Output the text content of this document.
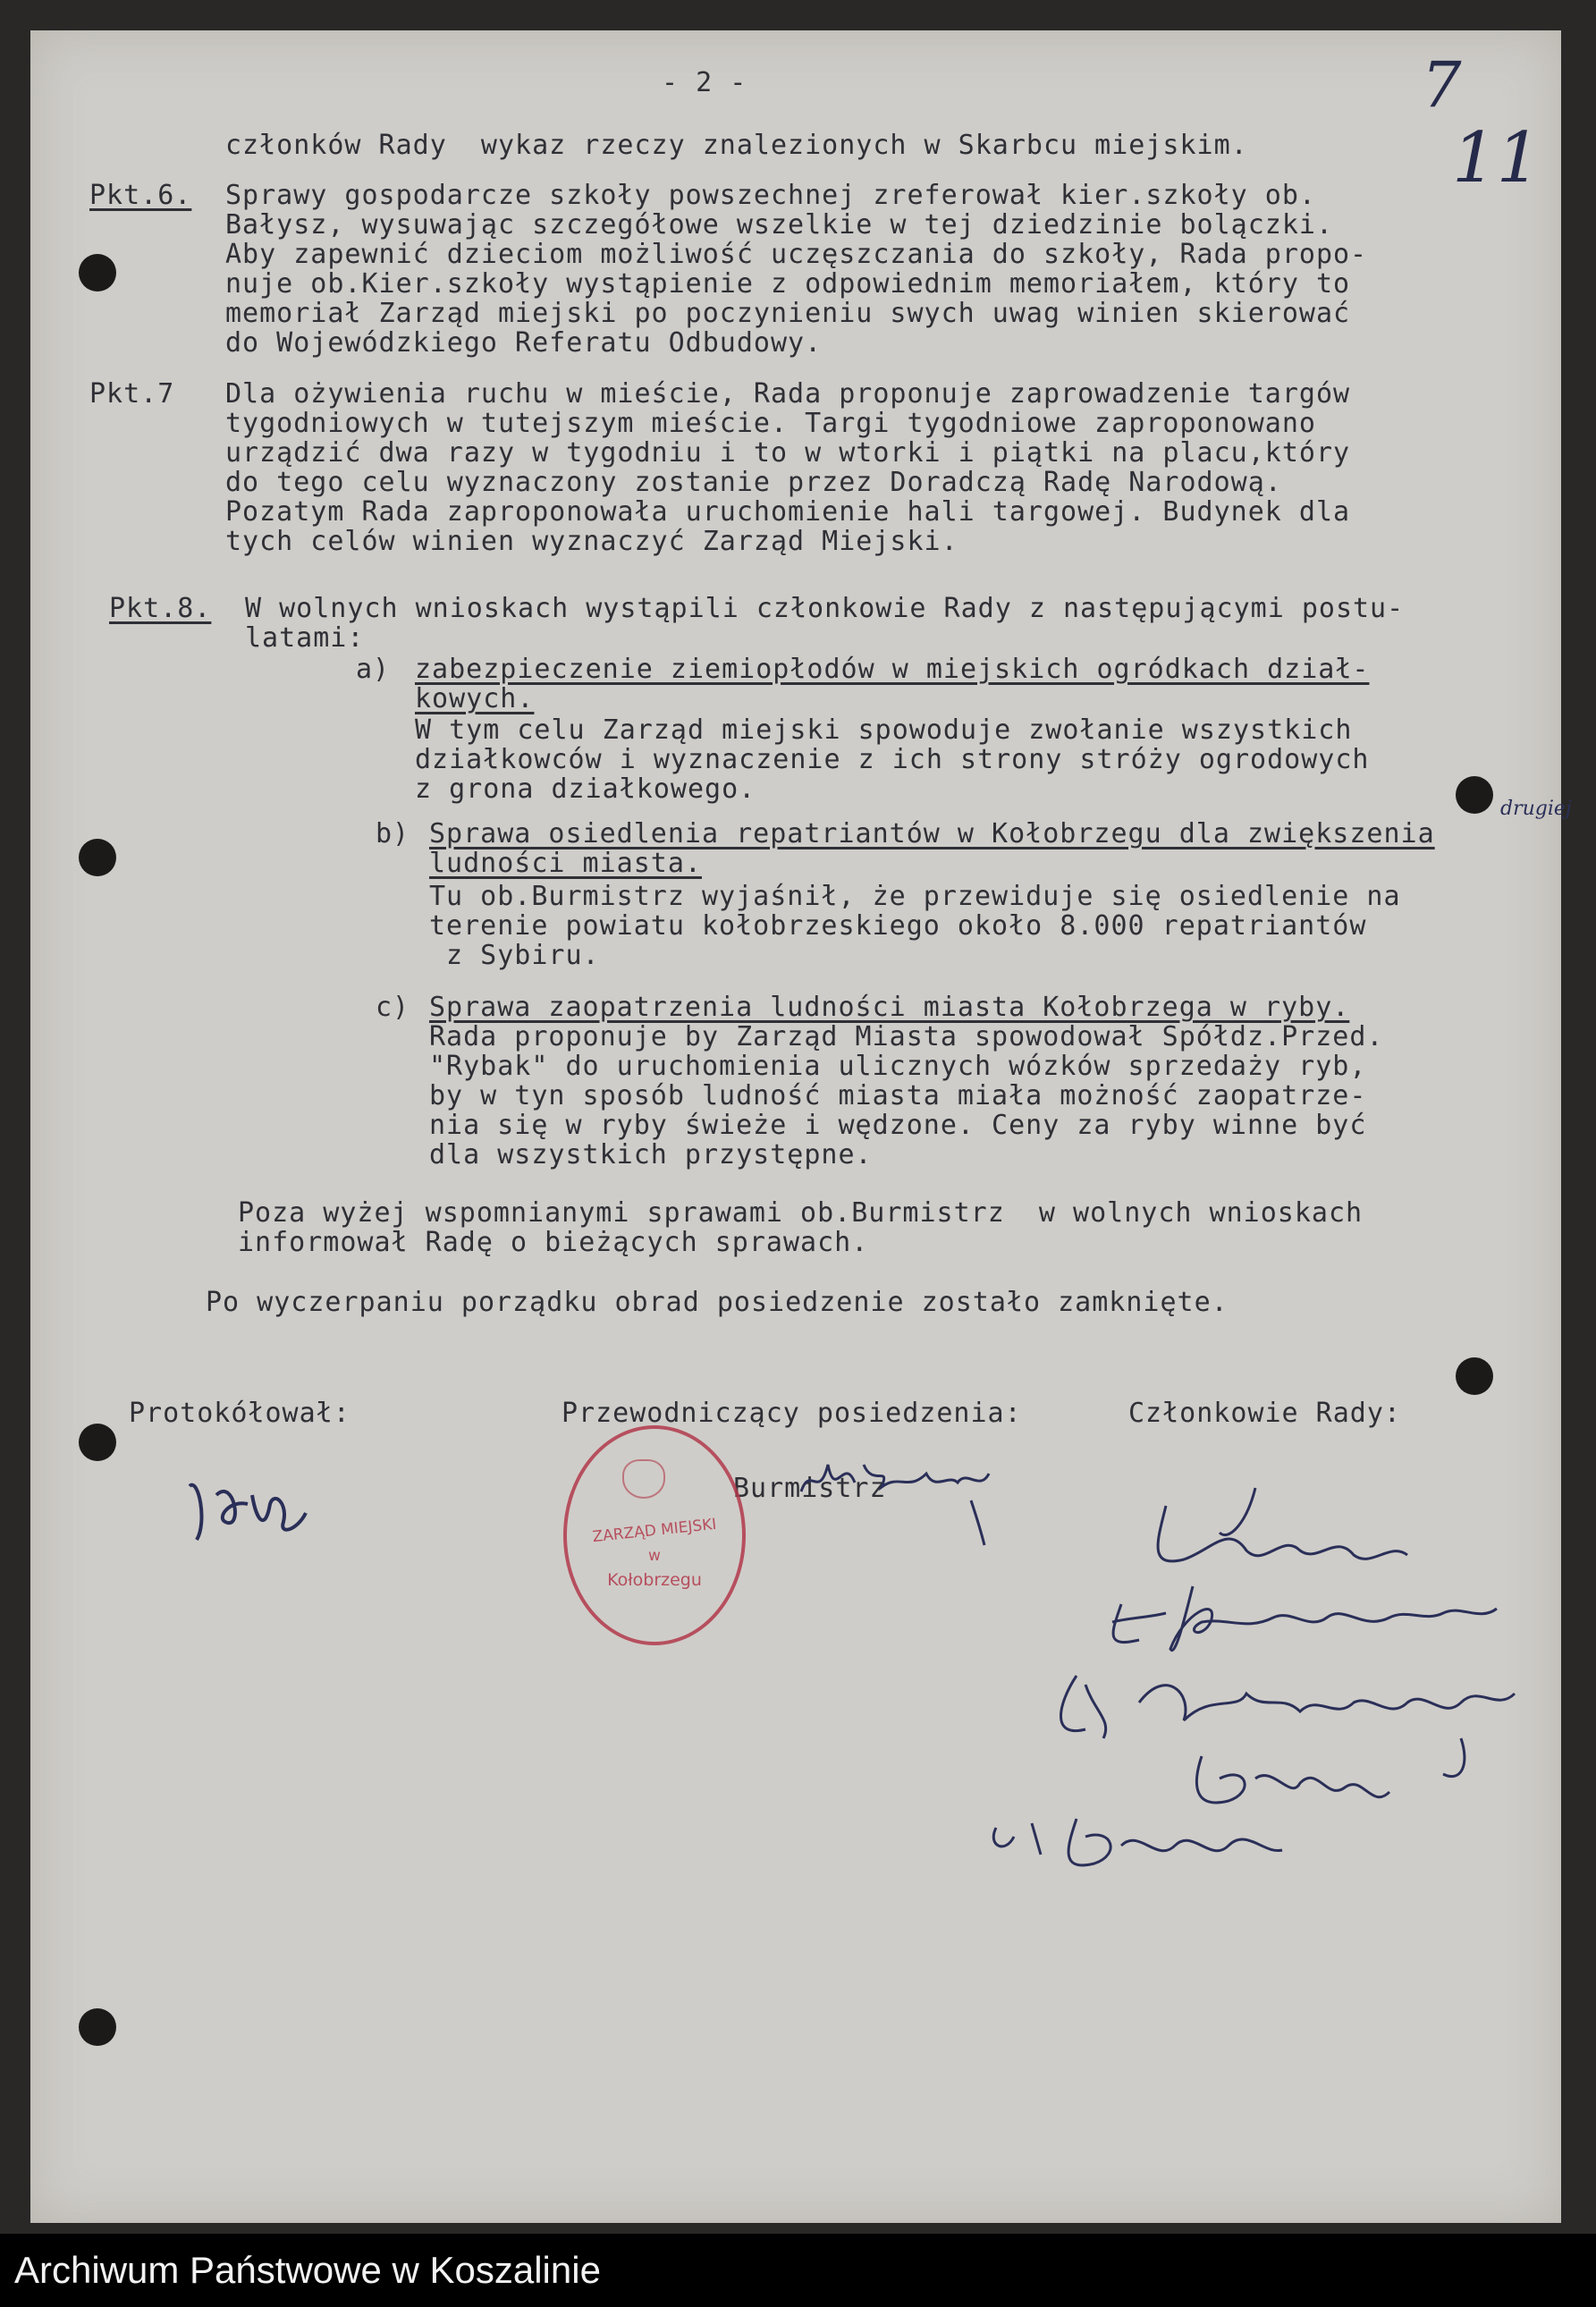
- 2 -	7
11
członków Rady  wykaz rzeczy znalezionych w Skarbcu miejskim.
Pkt.6. Sprawy gospodarcze szkoły powszechnej zreferował kier.szkoły ob.
Bałysz, wysuwając szczegółowe wszelkie w tej dziedzinie bolączki.
Aby zapewnić dzieciom możliwość uczęszczania do szkoły, Rada propo-
nuje ob.Kier.szkoły wystąpienie z odpowiednim memoriałem, który to
memoriał Zarząd miejski po poczynieniu swych uwag winien skierować
do Wojewódzkiego Referatu Odbudowy.
Pkt.7 Dla ożywienia ruchu w mieście, Rada proponuje zaprowadzenie targów
tygodniowych w tutejszym mieście. Targi tygodniowe zaproponowano
urządzić dwa razy w tygodniu i to w wtorki i piątki na placu,który
do tego celu wyznaczony zostanie przez Doradczą Radę Narodową.
Pozatym Rada zaproponowała uruchomienie hali targowej. Budynek dla
tych celów winien wyznaczyć Zarząd Miejski.
Pkt.8. W wolnych wnioskach wystąpili członkowie Rady z następującymi postu-
latami:
a) zabezpieczenie ziemiopłodów w miejskich ogródkach dział-
kowych.
W tym celu Zarząd miejski spowoduje zwołanie wszystkich
działkowców i wyznaczenie z ich strony stróży ogrodowych
z grona działkowego.
b)
drugiej
Sprawa osiedlenia repatriantów w Kołobrzegu dla zwiększenia
ludności miasta.
Tu ob.Burmistrz wyjaśnił, że przewiduje się osiedlenie na
terenie powiatu kołobrzeskiego około 8.000 repatriantów
z Sybiru.
c) Sprawa zaopatrzenia ludności miasta Kołobrzega w ryby.
Rada proponuje by Zarząd Miasta spowodował Spółdz.Przed.
"Rybak" do uruchomienia ulicznych wózków sprzedaży ryb,
by w tyn sposób ludność miasta miała możność zaopatrze-
nia się w ryby świeże i wędzone. Ceny za ryby winne być
dla wszystkich przystępne.
Poza wyżej wspomnianymi sprawami ob.Burmistrz  w wolnych wnioskach
informował Radę o bieżących sprawach.
Po wyczerpaniu porządku obrad posiedzenie zostało zamknięte.
Protokółował:	Przewodniczący posiedzenia:	Członkowie Rady:
Burmistrz
ZARZĄD MIEJSKI
w
Kołobrzegu
Archiwum Państwowe w Koszalinie
